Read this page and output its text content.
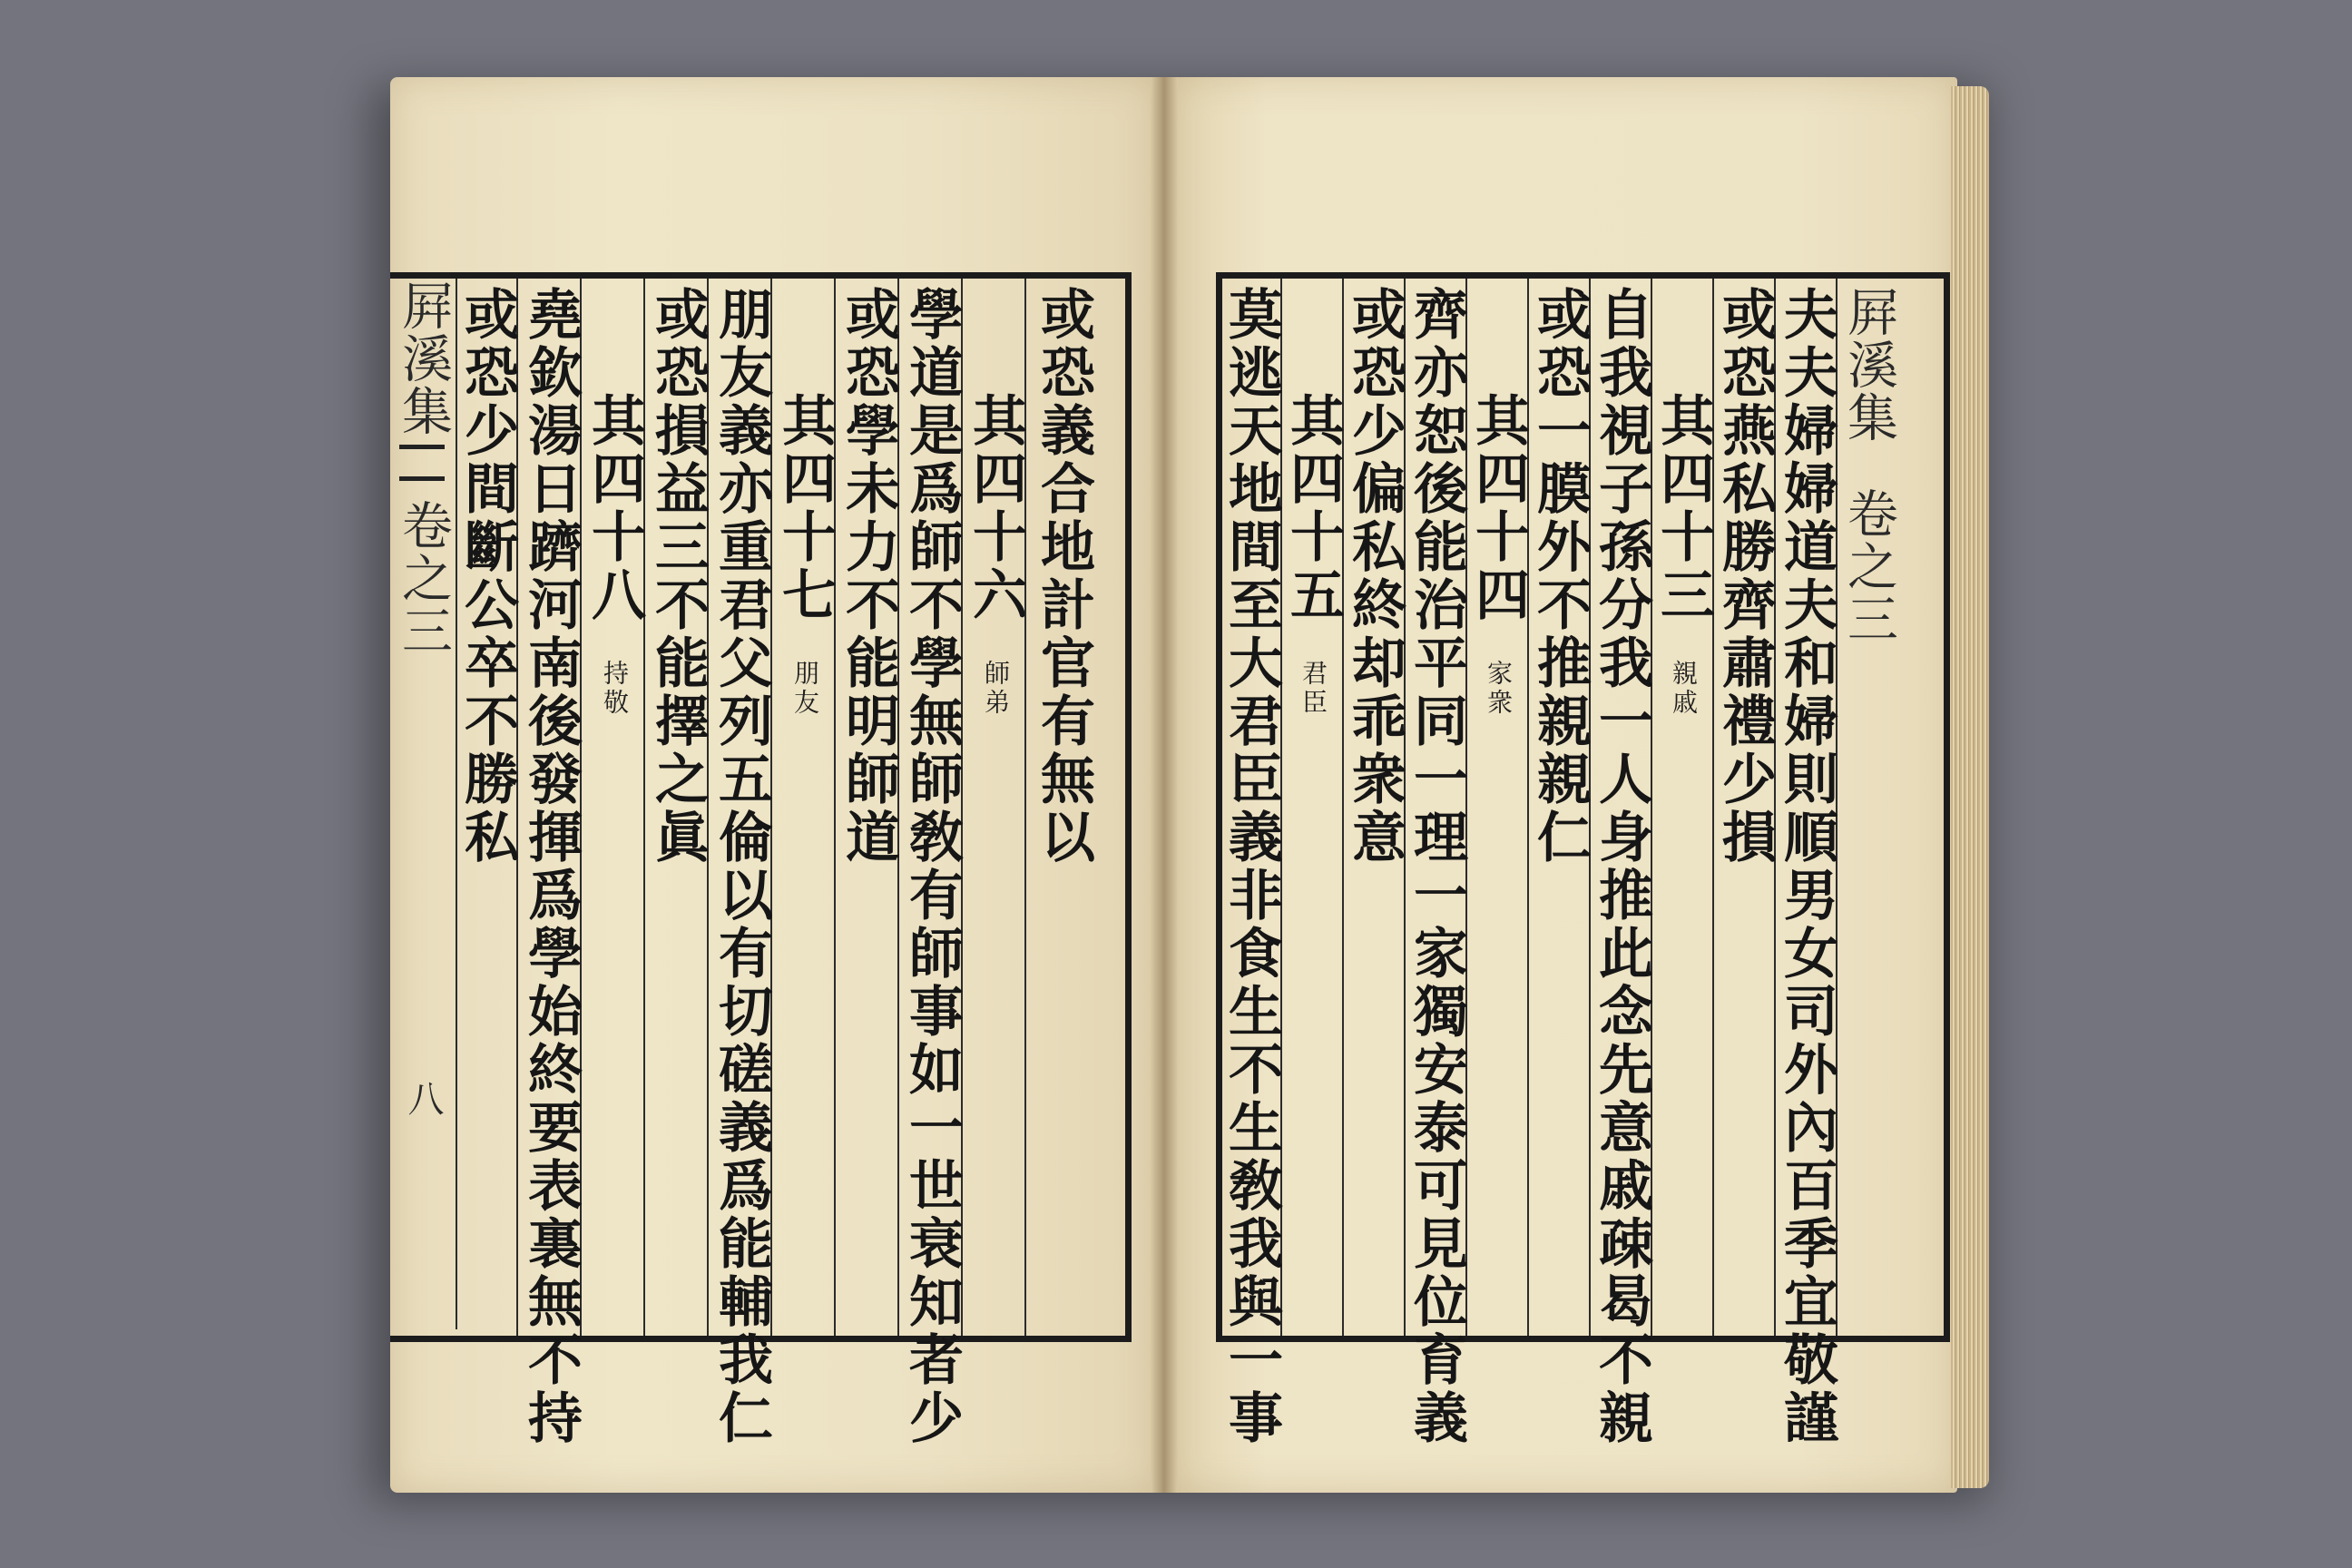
屛溪集
卷之三
八
或恐少間斷公卒不勝私 堯欽湯日躋河南後發揮爲學始終要表裏無不持 其四十八
持敬 或恐損益三不能擇之眞 朋友義亦重君父列五倫以有切磋義爲能輔我仁 其四十七
朋友 或恐學未力不能明師道 學道是爲師不學無師敎有師事如一世衰知者少 其四十六
師弟 或恐義合地計官有無以 莫逃天地間至大君臣義非食生不生敎我與一事
其四十五
君臣 或恐少偏私終却乖衆意
齊亦恕後能治平同一理一家獨安泰可見位育義
其四十四
家衆 或恐一膜外不推親親仁
自我視子孫分我一人身推此念先意戚疎曷不親
其四十三
親戚 或恐燕私勝齊肅禮少損
夫夫婦婦道夫和婦則順男女司外內百季宜敬謹 屛溪集
卷之三
